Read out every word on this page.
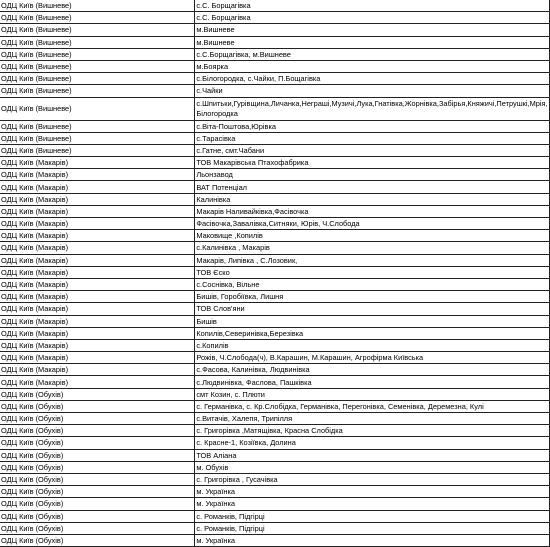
ОДЦ Київ (Вишневе)	с.С. Борщагівка
ОДЦ Київ (Вишневе)	с.С. Борщагівка
ОДЦ Київ (Вишневе)	м.Вишневе
ОДЦ Київ (Вишневе)	м.Вишневе
ОДЦ Київ (Вишневе)	с.С.Борщагівка, м.Вишневе
ОДЦ Київ (Вишневе)	м.Боярка
ОДЦ Київ (Вишневе)	с.Білогородка, с.Чайки, П.Бощагівка
ОДЦ Київ (Вишневе)	с.Чайки
ОДЦ Київ (Вишневе)	с.Шпитьки,Гурівщина,Личанка,Неграші,Музичі,Лука,Гнатівка,Жорнівка,Забірья,Княжичі,Петрушкі,Мрія,Білогородка
ОДЦ Київ (Вишневе)	с.Віта-Поштова,Юрівка
ОДЦ Київ (Вишневе)	с.Тарасівка
ОДЦ Київ (Вишневе)	с.Гатне, смт.Чабани
ОДЦ Київ (Макарів)	ТОВ Макарівська Птахофабрика
ОДЦ Київ (Макарів)	Льонзавод
ОДЦ Київ (Макарів)	ВАТ Потенціал
ОДЦ Київ (Макарів)	Калинівка
ОДЦ Київ (Макарів)	Макарів Наливайківка,Фасівочка
ОДЦ Київ (Макарів)	Фасівочка,Завалівка,Ситняки, Юрів, Ч.Слобода
ОДЦ Київ (Макарів)	Маковище ,Копилів
ОДЦ Київ (Макарів)	с.Калинівка , Макарів
ОДЦ Київ (Макарів)	Макарів, Липівка , С.Лозовик,
ОДЦ Київ (Макарів)	ТОВ Єско
ОДЦ Київ (Макарів)	с.Соснівка, Вільне
ОДЦ Київ (Макарів)	Бишів, Горобіївка, Лишня
ОДЦ Київ (Макарів)	ТОВ Слов'яни
ОДЦ Київ (Макарів)	Бишів
ОДЦ Київ (Макарів)	Копилів,Северинівка,Березівка
ОДЦ Київ (Макарів)	с.Копилів
ОДЦ Київ (Макарів)	Рожів, Ч.Слобода(ч), В.Карашин, М.Карашин, Агрофірма Київська
ОДЦ Київ (Макарів)	с.Фасова, Калинівка, Людвинівка
ОДЦ Київ (Макарів)	с.Людвинівка, Фаслова, Пашківка
ОДЦ Київ (Обухів)	смт Козин, с. Плюти
ОДЦ Київ (Обухів)	с. Германівка, с. Кр.Слобідка, Германівка, Перегонівка, Семенівка, Деремезна, Кулі
ОДЦ Київ (Обухів)	с.Витачів, Халепя, Трипілля
ОДЦ Київ (Обухів)	с. Григорівка ,Матящівка, Красна Слобідка
ОДЦ Київ (Обухів)	с. Красне-1, Козіївка, Долина
ОДЦ Київ (Обухів)	ТОВ Аліана
ОДЦ Київ (Обухів)	м. Обухів
ОДЦ Київ (Обухів)	с. Григорівка , Гусачівка
ОДЦ Київ (Обухів)	м. Українка
ОДЦ Київ (Обухів)	м. Українка
ОДЦ Київ (Обухів)	с. Романків, Підгірці
ОДЦ Київ (Обухів)	с. Романків, Підгірці
ОДЦ Київ (Обухів)	м. Українка
